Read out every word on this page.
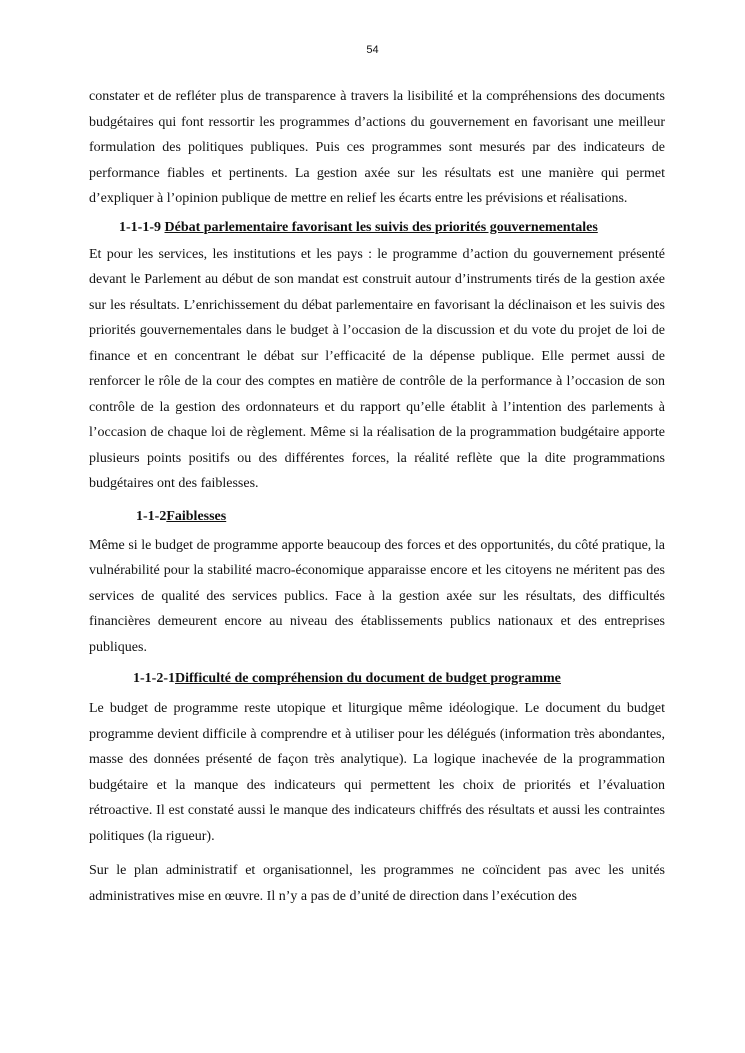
54

constater et de refléter plus de transparence à travers la lisibilité et la compréhensions des documents budgétaires qui font ressortir les programmes d’actions du gouvernement en favorisant une meilleur formulation des politiques publiques. Puis ces programmes sont mesurés par des indicateurs de performance fiables et pertinents. La gestion axée sur les résultats est une manière qui permet d’expliquer à l’opinion publique de mettre en relief les écarts entre les prévisions et réalisations.

1-1-1-9 Débat parlementaire favorisant les suivis des priorités gouvernementales

Et pour les services, les institutions et les pays : le programme d’action du gouvernement présenté devant le Parlement au début de son mandat est construit autour d’instruments tirés de la gestion axée sur les résultats. L’enrichissement du débat parlementaire en favorisant la déclinaison et les suivis des priorités gouvernementales dans le budget à l’occasion de la discussion et du vote du projet de loi de finance et en concentrant le débat sur l’efficacité de la dépense publique. Elle permet aussi de renforcer le rôle de la cour des comptes en matière de contrôle de la performance à l’occasion de son contrôle de la gestion des ordonnateurs et du rapport qu’elle établit à l’intention des parlements à l’occasion de chaque loi de règlement. Même si la réalisation de la programmation budgétaire apporte plusieurs points positifs ou des différentes forces, la réalité reflète que la dite programmations budgétaires ont des faiblesses.

1-1-2Faiblesses

Même si le budget de programme apporte beaucoup des forces et des opportunités, du côté pratique, la vulnérabilité pour la stabilité macro-économique apparaisse encore et les citoyens ne méritent pas des services de qualité des services publics. Face à la gestion axée sur les résultats, des difficultés financières demeurent encore au niveau des établissements publics nationaux et des entreprises publiques.

1-1-2-1Difficulté de compréhension du document de budget programme

Le budget de programme reste utopique et liturgique même idéologique. Le document du budget programme devient difficile à comprendre et à utiliser pour les délégués (information très abondantes, masse des données présenté de façon très analytique). La logique inachevée de la programmation budgétaire et la manque des indicateurs qui permettent les choix de priorités et l’évaluation rétroactive. Il est constaté aussi le manque des indicateurs chiffrés des résultats et aussi les contraintes politiques (la rigueur).

Sur le plan administratif et organisationnel, les programmes ne coïncident pas avec les unités administratives mise en œuvre. Il n’y a pas de d’unité de direction dans l’exécution des
